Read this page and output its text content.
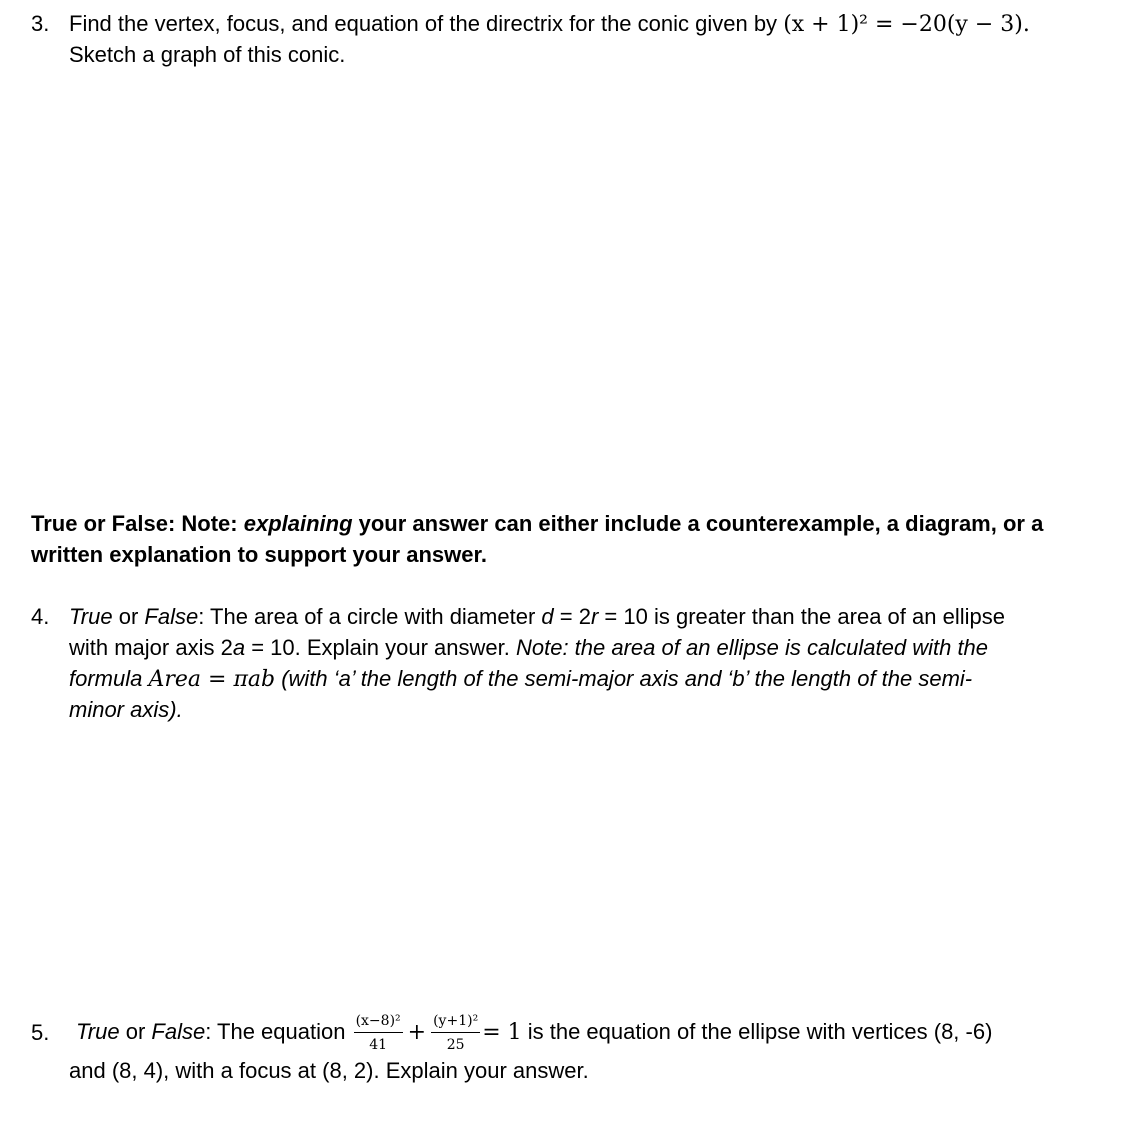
3. Find the vertex, focus, and equation of the directrix for the conic given by (x + 1)² = −20(y − 3).
Sketch a graph of this conic.
True or False: Note: explaining your answer can either include a counterexample, a diagram, or a
written explanation to support your answer.
4. True or False: The area of a circle with diameter d = 2r = 10 is greater than the area of an ellipse
with major axis 2a = 10. Explain your answer. Note: the area of an ellipse is calculated with the
formula Area = πab (with ‘a’ the length of the semi-major axis and ‘b’ the length of the semi-
minor axis).
5. True or False: The equation $\frac{\text{(x−8)²}}{41} + \frac{\text{(y+1)²}}{25} = 1$ is the equation of the ellipse with vertices (8, -6)
and (8, 4), with a focus at (8, 2). Explain your answer.
